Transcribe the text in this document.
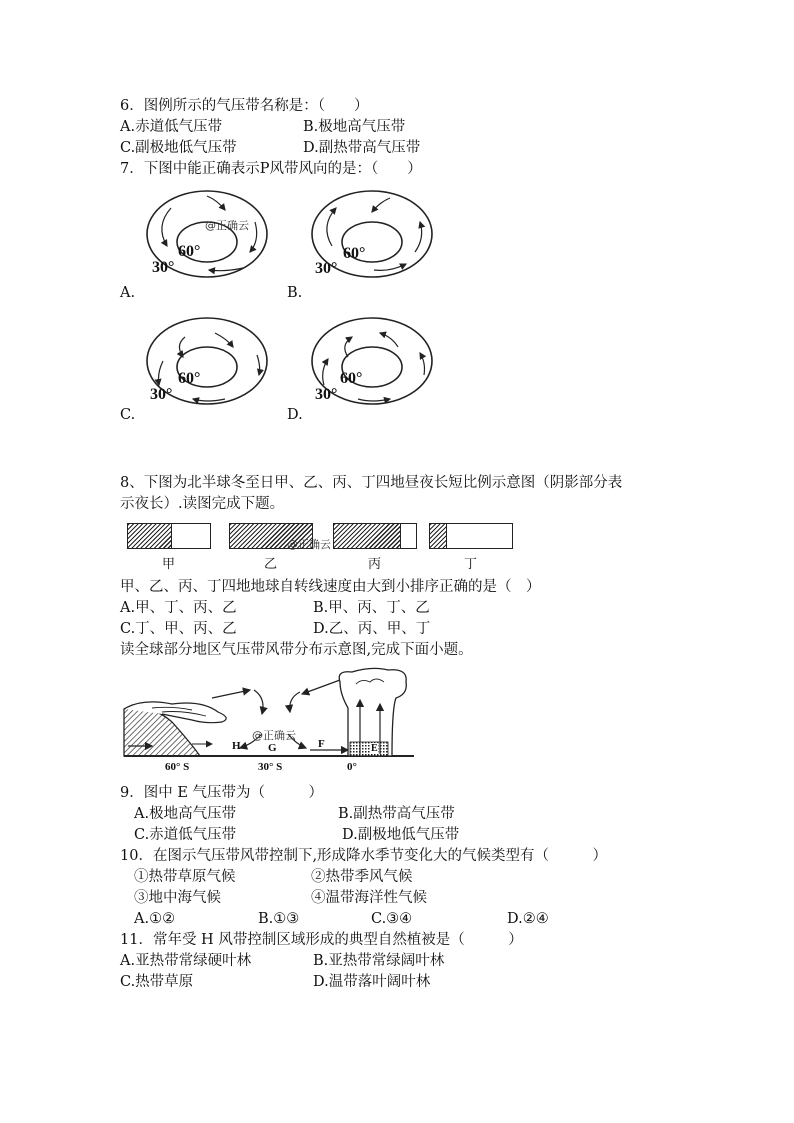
6．图例所示的气压带名称是：（　　）
A.赤道低气压带	B.极地高气压带
C.副极地低气压带	D.副热带高气压带
7．下图中能正确表示P风带风向的是：（　　）
@正确云
60°
30°
A.
60°
30°
B.
60°
30°
C.
60°
30°
D.
8、下图为北半球冬至日甲、乙、丙、丁四地昼夜长短比例示意图（阴影部分表
示夜长）.读图完成下题。
甲	乙	丙	丁
@正确云
甲、乙、丙、丁四地地球自转线速度由大到小排序正确的是（　）
A.甲、丁、丙、乙	B.甲、丙、丁、乙
C.丁、甲、丙、乙	D.乙、丙、甲、丁
读全球部分地区气压带风带分布示意图,完成下面小题。
@正确云
H G	F	E
60° S	30° S	0°
9．图中 E 气压带为（　　　）
A.极地高气压带	B.副热带高气压带
C.赤道低气压带	D.副极地低气压带
10．在图示气压带风带控制下,形成降水季节变化大的气候类型有（　　　）
①热带草原气候	②热带季风气候
③地中海气候	④温带海洋性气候
A.①②	B.①③	C.③④	D.②④
11．常年受 H 风带控制区域形成的典型自然植被是（　　　）
A.亚热带常绿硬叶林	B.亚热带常绿阔叶林
C.热带草原	D.温带落叶阔叶林
